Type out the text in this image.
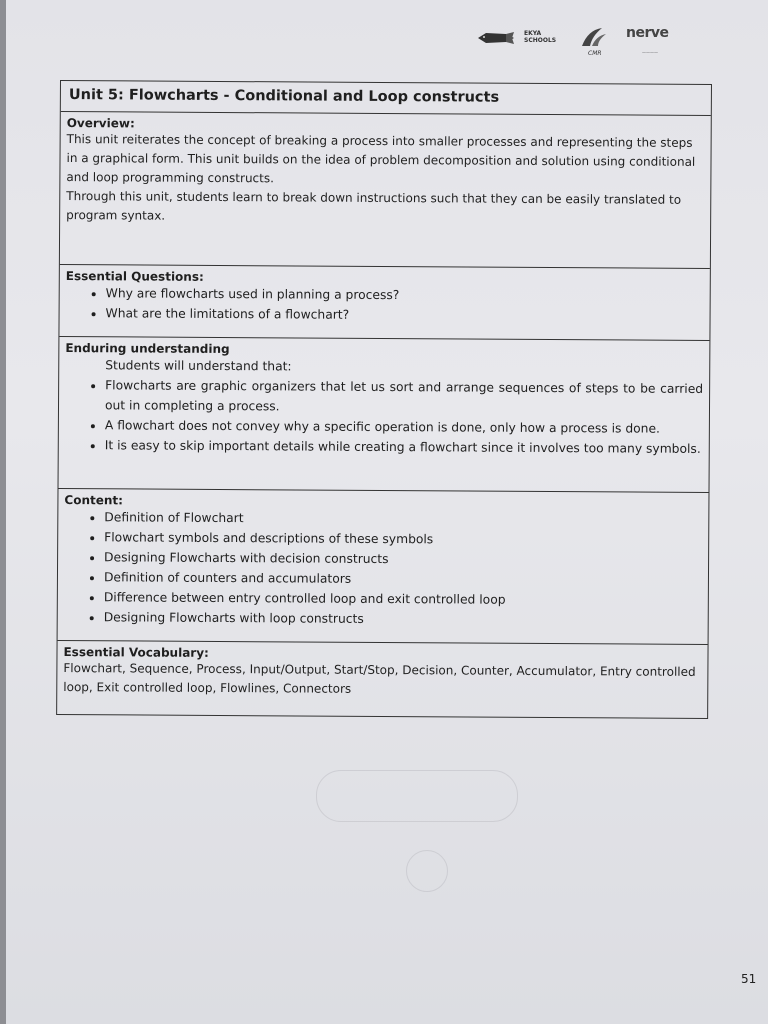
EKYA
SCHOOLS
CMR
nerve
————
Unit 5: Flowcharts - Conditional and Loop constructs

Overview:

This unit reiterates the concept of breaking a process into smaller processes and representing the steps in a graphical form. This unit builds on the idea of problem decomposition and solution using conditional and loop programming constructs.

Through this unit, students learn to break down instructions such that they can be easily translated to program syntax.

Essential Questions:

• Why are flowcharts used in planning a process?
• What are the limitations of a flowchart?

Enduring understanding

Students will understand that:

• Flowcharts are graphic organizers that let us sort and arrange sequences of steps to be carried out in completing a process.
• A flowchart does not convey why a specific operation is done, only how a process is done.
• It is easy to skip important details while creating a flowchart since it involves too many symbols.

Content:

• Definition of Flowchart
• Flowchart symbols and descriptions of these symbols
• Designing Flowcharts with decision constructs
• Definition of counters and accumulators
• Difference between entry controlled loop and exit controlled loop
• Designing Flowcharts with loop constructs

Essential Vocabulary:

Flowchart, Sequence, Process, Input/Output, Start/Stop, Decision, Counter, Accumulator, Entry controlled loop, Exit controlled loop, Flowlines, Connectors

51
